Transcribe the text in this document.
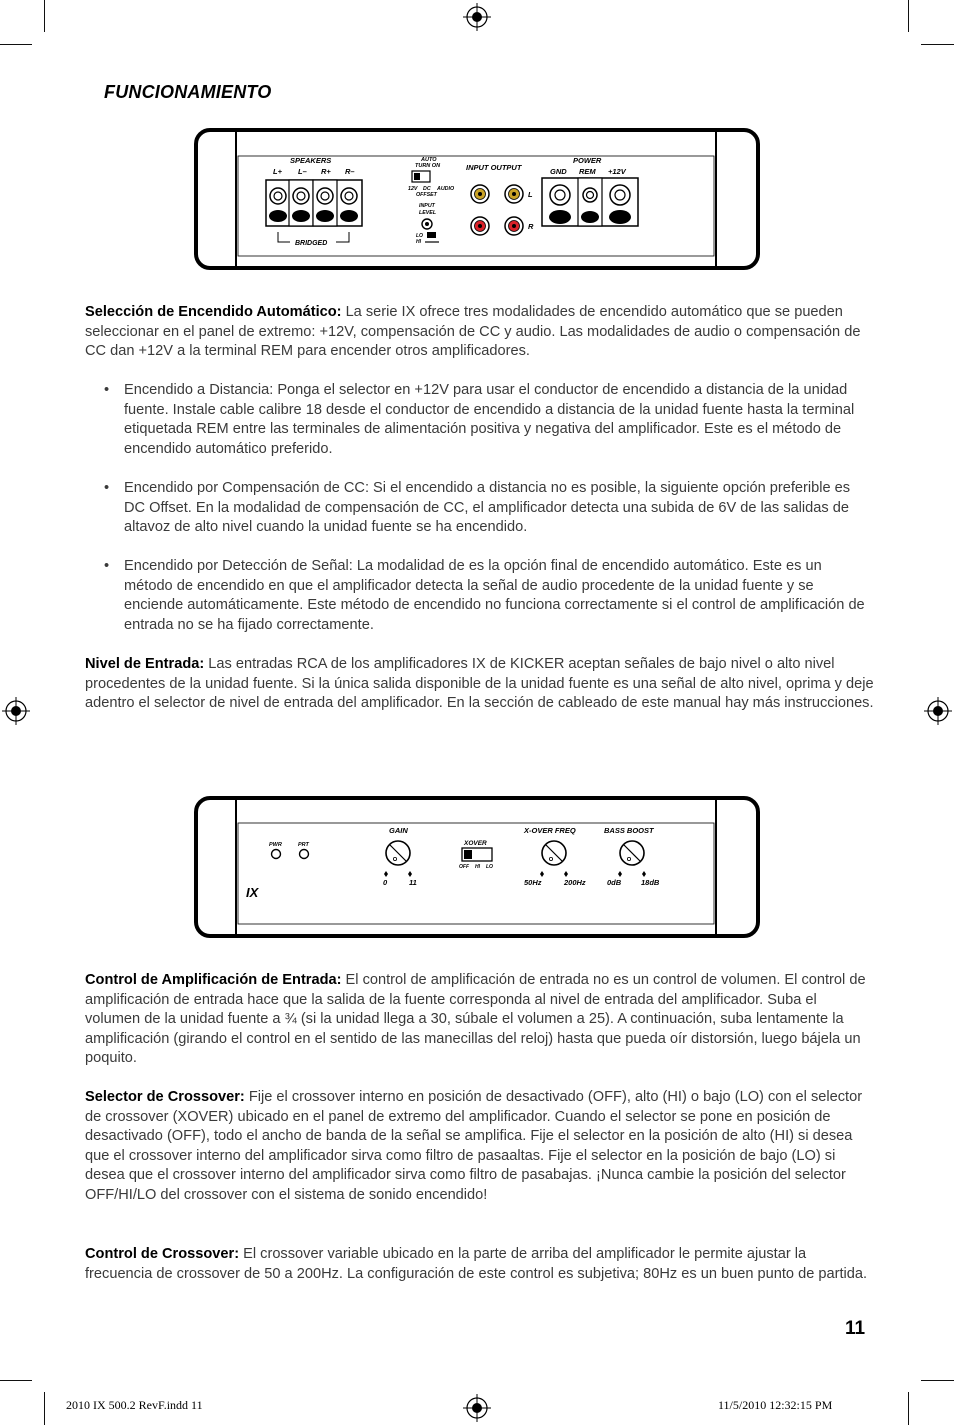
FUNCIONAMIENTO
SPEAKERS
L+ L– R+ R–
BRIDGED
AUTO
TURN ON
12V DC AUDIO
OFFSET
INPUT
LEVEL
LO
HI
INPUT OUTPUT
L
R
POWER
GND REM +12V
Selección de Encendido Automático: La serie IX ofrece tres modalidades de encendido automático que se pueden seleccionar en el panel de extremo: +12V, compensación de CC y audio. Las modalidades de audio o compensación de CC dan +12V a la terminal REM para encender otros amplificadores.
• Encendido a Distancia: Ponga el selector en +12V para usar el conductor de encendido a distancia de la unidad fuente. Instale cable calibre 18 desde el conductor de encendido a distancia de la unidad fuente hasta la terminal etiquetada REM entre las terminales de alimentación positiva y negativa del amplificador. Este es el método de encendido automático preferido.
• Encendido por Compensación de CC: Si el encendido a distancia no es posible, la siguiente opción preferible es DC Offset. En la modalidad de compensación de CC, el amplificador detecta una subida de 6V de las salidas de altavoz de alto nivel cuando la unidad fuente se ha encendido.
• Encendido por Detección de Señal: La modalidad de es la opción final de encendido automático. Este es un método de encendido en que el amplificador detecta la señal de audio procedente de la unidad fuente y se enciende automáticamente. Este método de encendido no funciona correctamente si el control de amplificación de entrada no se ha fijado correctamente.
Nivel de Entrada: Las entradas RCA de los amplificadores IX de KICKER aceptan señales de bajo nivel o alto nivel procedentes de la unidad fuente. Si la única salida disponible de la unidad fuente es una señal de alto nivel, oprima y deje adentro el selector de nivel de entrada del amplificador. En la sección de cableado de este manual hay más instrucciones.
PWR	PRT
IX
GAIN
0	11
XOVER
OFF HI LO
X-OVER FREQ
50Hz	200Hz
BASS BOOST
0dB	18dB
Control de Amplificación de Entrada: El control de amplificación de entrada no es un control de volumen. El control de amplificación de entrada hace que la salida de la fuente corresponda al nivel de entrada del amplificador. Suba el volumen de la unidad fuente a ¾ (si la unidad llega a 30, súbale el volumen a 25). A continuación, suba lentamente la amplificación (girando el control en el sentido de las manecillas del reloj) hasta que pueda oír distorsión, luego bájela un poquito.
Selector de Crossover: Fije el crossover interno en posición de desactivado (OFF), alto (HI) o bajo (LO) con el selector de crossover (XOVER) ubicado en el panel de extremo del amplificador. Cuando el selector se pone en posición de desactivado (OFF), todo el ancho de banda de la señal se amplifica. Fije el selector en la posición de alto (HI) si desea que el crossover interno del amplificador sirva como filtro de pasaaltas. Fije el selector en la posición de bajo (LO) si desea que el crossover interno del amplificador sirva como filtro de pasabajas. ¡Nunca cambie la posición del selector OFF/HI/LO del crossover con el sistema de sonido encendido!
Control de Crossover: El crossover variable ubicado en la parte de arriba del amplificador le permite ajustar la frecuencia de crossover de 50 a 200Hz. La configuración de este control es subjetiva; 80Hz es un buen punto de partida.
11
2010 IX 500.2 RevF.indd 11	11/5/2010 12:32:15 PM
